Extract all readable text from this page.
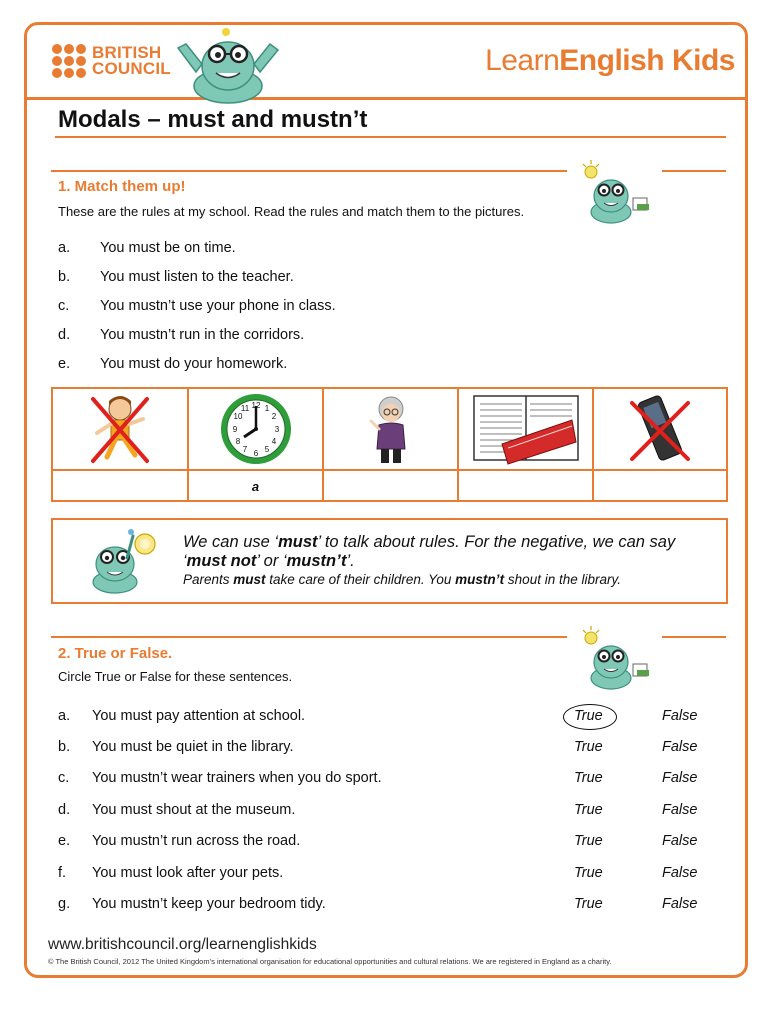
BRITISH
COUNCIL	LearnEnglish Kids
Modals – must and mustn’t
1. Match them up!
These are the rules at my school. Read the rules and match them to the pictures.
a. You must be on time.
b. You must listen to the teacher.
c. You mustn’t use your phone in class.
d. You mustn’t run in the corridors.
e. You must do your homework.
12 1
2
3
4
5
6
7
8
9
10
11
a
We can use ‘must’ to talk about rules. For the negative, we can say ‘must not’ or ‘mustn’t’.
Parents must take care of their children. You mustn’t shout in the library.
2. True or False.
Circle True or False for these sentences.
a. You must pay attention at school.	True	False
b. You must be quiet in the library.	True	False
c. You mustn’t wear trainers when you do sport.	True	False
d. You must shout at the museum.	True	False
e. You mustn’t run across the road.	True	False
f. You must look after your pets.	True	False
g. You mustn’t keep your bedroom tidy.	True	False
www.britishcouncil.org/learnenglishkids
© The British Council, 2012 The United Kingdom’s international organisation for educational opportunities and cultural relations. We are registered in England as a charity.
